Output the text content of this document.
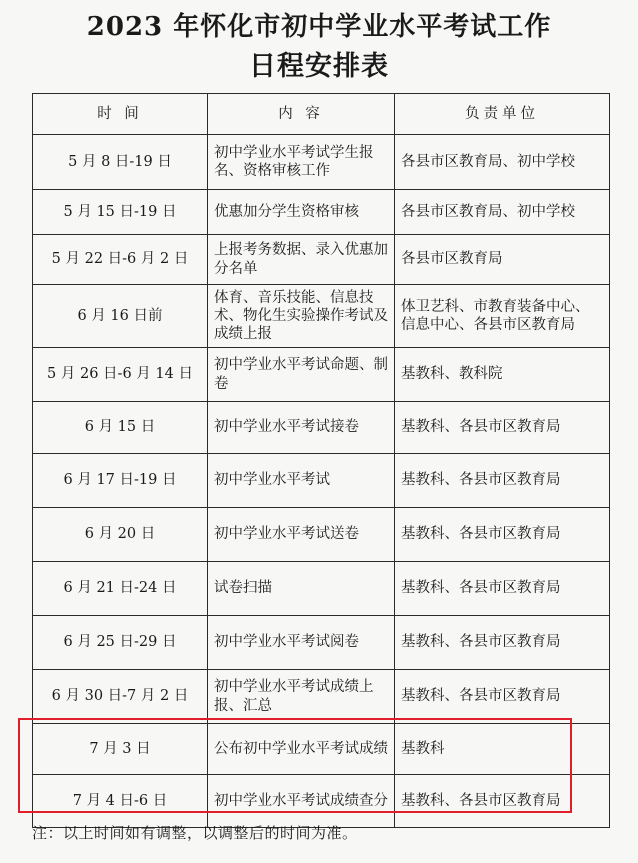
2023 年怀化市初中学业水平考试工作
日程安排表
时 间	内 容	负责单位
5 月 8 日-19 日	初中学业水平考试学生报名、资格审核工作	各县市区教育局、初中学校
5 月 15 日-19 日	优惠加分学生资格审核	各县市区教育局、初中学校
5 月 22 日-6 月 2 日	上报考务数据、录入优惠加分名单	各县市区教育局
6 月 16 日前	体育、音乐技能、信息技术、物化生实验操作考试及成绩上报	体卫艺科、市教育装备中心、信息中心、各县市区教育局
5 月 26 日-6 月 14 日	初中学业水平考试命题、制卷	基教科、教科院
6 月 15 日	初中学业水平考试接卷	基教科、各县市区教育局
6 月 17 日-19 日	初中学业水平考试	基教科、各县市区教育局
6 月 20 日	初中学业水平考试送卷	基教科、各县市区教育局
6 月 21 日-24 日	试卷扫描	基教科、各县市区教育局
6 月 25 日-29 日	初中学业水平考试阅卷	基教科、各县市区教育局
6 月 30 日-7 月 2 日	初中学业水平考试成绩上报、汇总	基教科、各县市区教育局
7 月 3 日	公布初中学业水平考试成绩	基教科
7 月 4 日-6 日	初中学业水平考试成绩查分	基教科、各县市区教育局
注：以上时间如有调整，以调整后的时间为准。
